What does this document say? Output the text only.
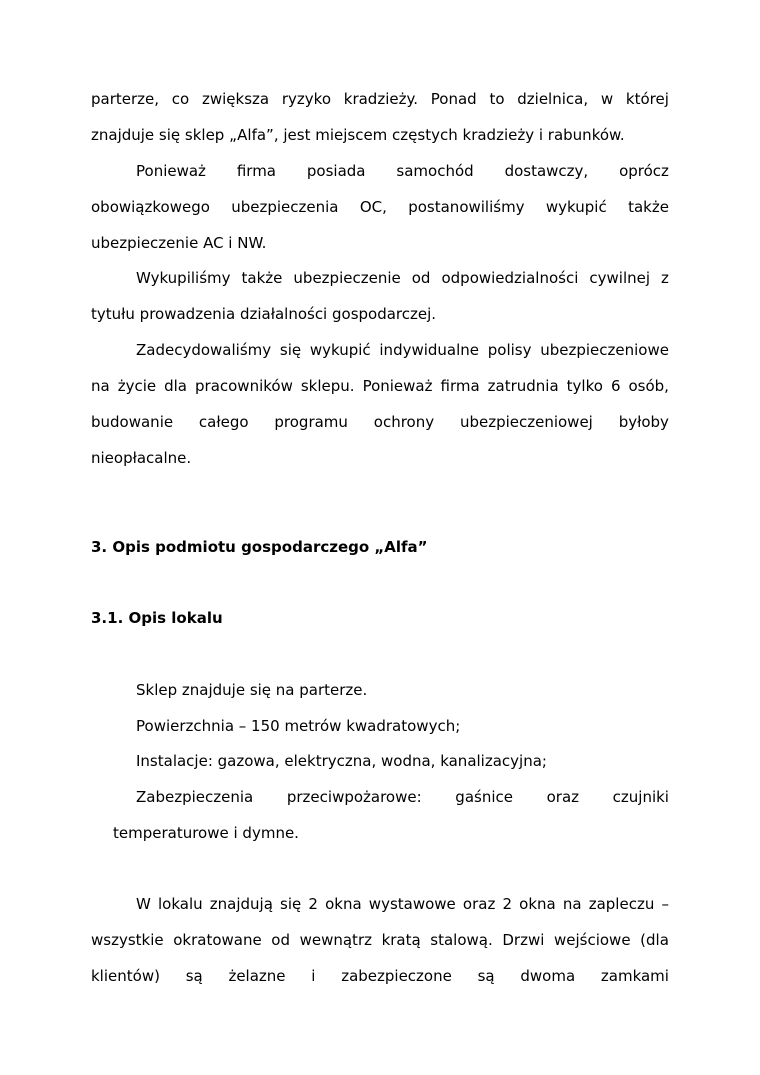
parterze, co zwiększa ryzyko kradzieży. Ponad to dzielnica, w której
znajduje się sklep „Alfa”, jest miejscem częstych kradzieży i rabunków.
Ponieważ firma posiada samochód dostawczy, oprócz
obowiązkowego ubezpieczenia OC, postanowiliśmy wykupić także
ubezpieczenie AC i NW.
Wykupiliśmy także ubezpieczenie od odpowiedzialności cywilnej z
tytułu prowadzenia działalności gospodarczej.
Zadecydowaliśmy się wykupić indywidualne polisy ubezpieczeniowe
na życie dla pracowników sklepu. Ponieważ firma zatrudnia tylko 6 osób,
budowanie całego programu ochrony ubezpieczeniowej byłoby
nieopłacalne.
3. Opis podmiotu gospodarczego „Alfa”
3.1. Opis lokalu
Sklep znajduje się na parterze.
Powierzchnia – 150 metrów kwadratowych;
Instalacje: gazowa, elektryczna, wodna, kanalizacyjna;
Zabezpieczenia przeciwpożarowe: gaśnice oraz czujniki
temperaturowe i dymne.
W lokalu znajdują się 2 okna wystawowe oraz 2 okna na zapleczu –
wszystkie okratowane od wewnątrz kratą stalową. Drzwi wejściowe (dla
klientów) są żelazne i zabezpieczone są dwoma zamkami
